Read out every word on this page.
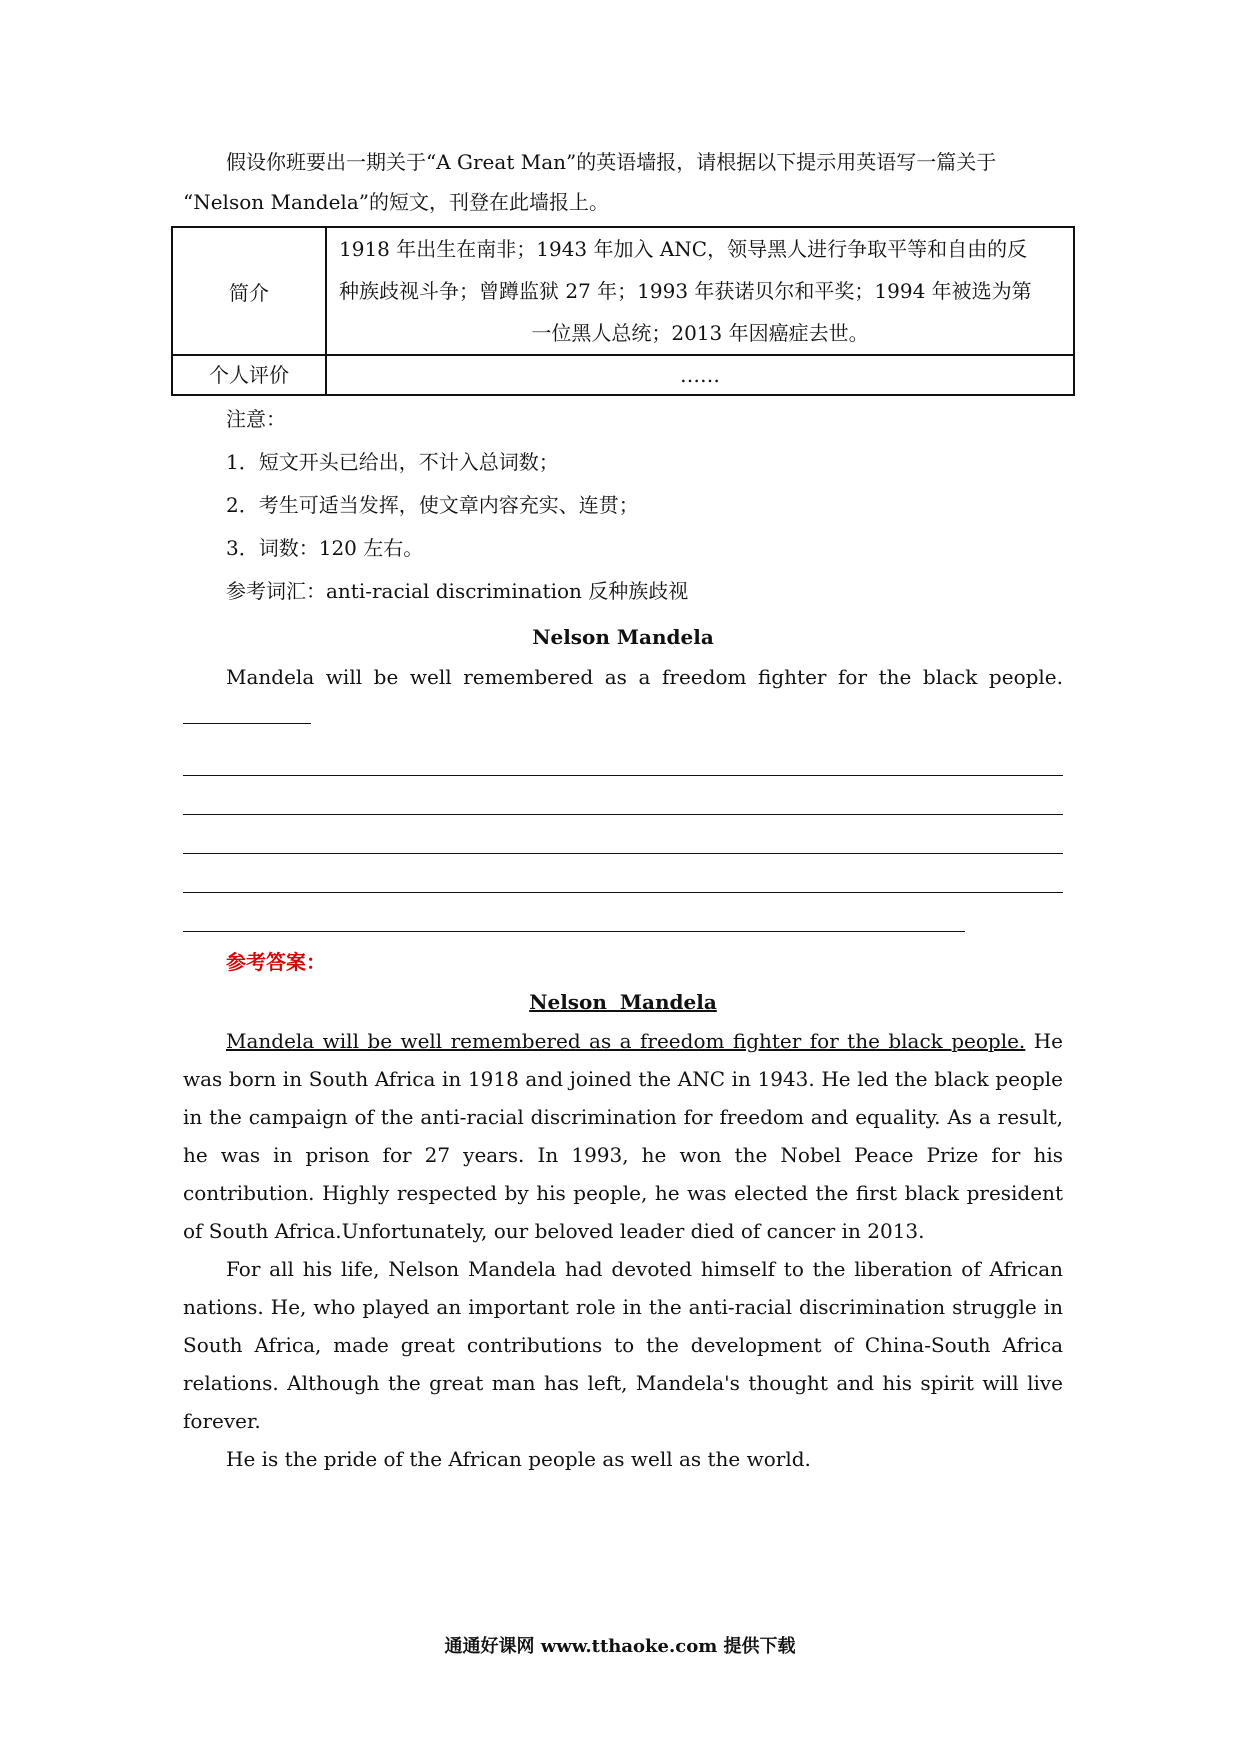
假设你班要出一期关于“A Great Man”的英语墙报，请根据以下提示用英语写一篇关于

“Nelson Mandela”的短文，刊登在此墙报上。

简介	1918 年出生在南非；1943 年加入 ANC，领导黑人进行争取平等和自由的反
种族歧视斗争；曾蹲监狱 27 年；1993 年获诺贝尔和平奖；1994 年被选为第
一位黑人总统；2013 年因癌症去世。

个人评价	……

注意：

1．短文开头已给出，不计入总词数；

2．考生可适当发挥，使文章内容充实、连贯；

3．词数：120 左右。

参考词汇：anti-racial discrimination 反种族歧视

Nelson Mandela

Mandela will be well remembered as a freedom fighter for the black people.

参考答案：

Nelson Mandela

Mandela will be well remembered as a freedom fighter for the black people. He was born in South Africa in 1918 and joined the ANC in 1943. He led the black people in the campaign of the anti-racial discrimination for freedom and equality. As a result, he was in prison for 27 years. In 1993, he won the Nobel Peace Prize for his contribution. Highly respected by his people, he was elected the first black president of South Africa.Unfortunately, our beloved leader died of cancer in 2013.

For all his life, Nelson Mandela had devoted himself to the liberation of African nations. He, who played an important role in the anti-racial discrimination struggle in South Africa, made great contributions to the development of China-South Africa relations. Although the great man has left, Mandela's thought and his spirit will live forever.

He is the pride of the African people as well as the world.

通通好课网 www.tthaoke.com 提供下载
